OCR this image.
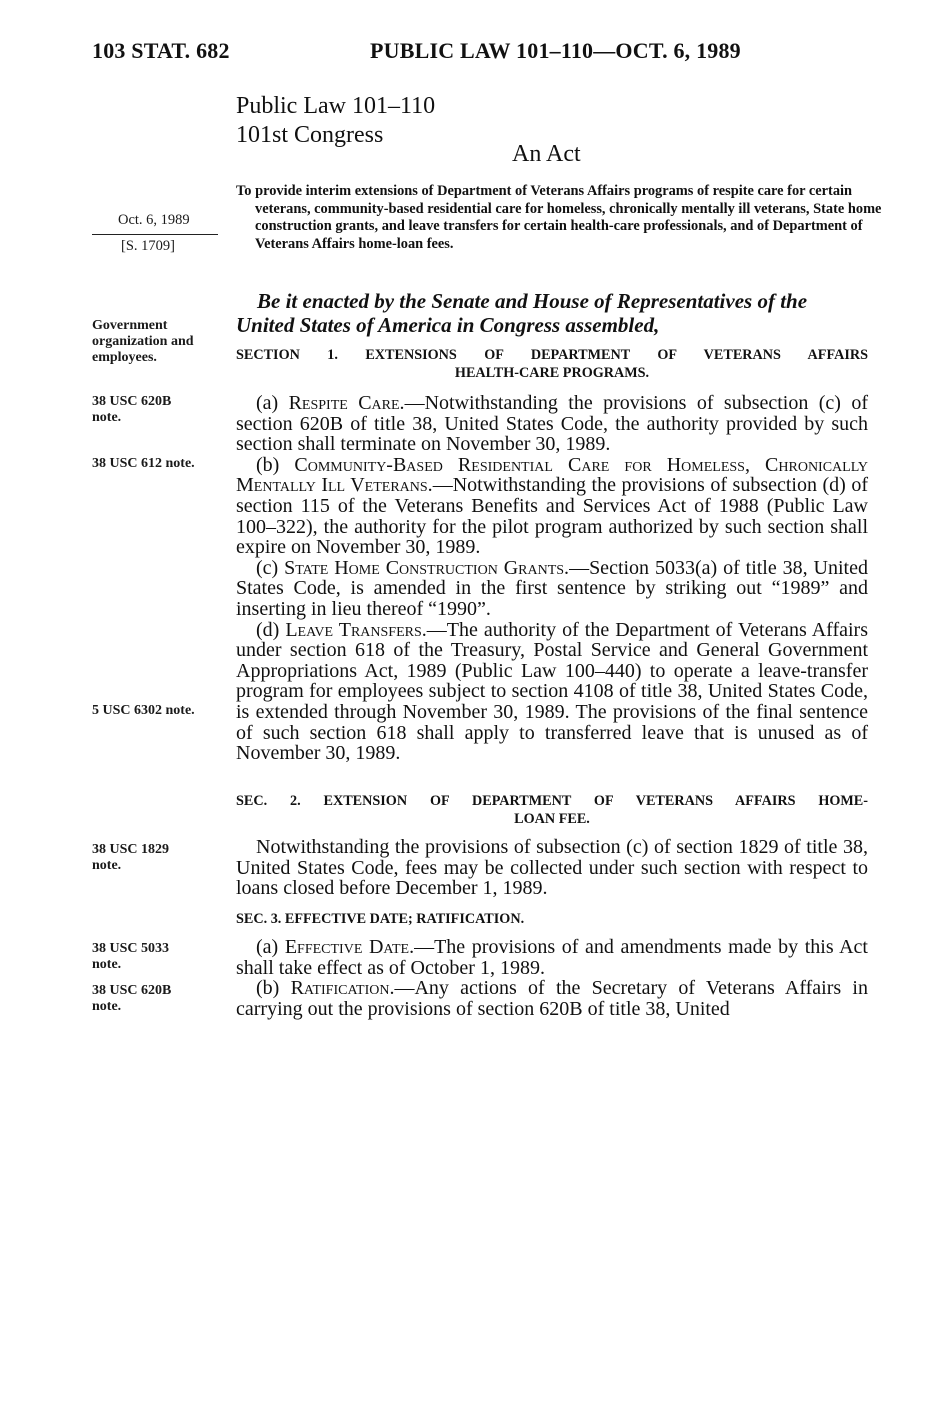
103 STAT. 682	PUBLIC LAW 101–110—OCT. 6, 1989
Public Law 101–110
101st Congress
An Act
Oct. 6, 1989
[S. 1709]
Government
organization and
employees.
38 USC 620B
note.
38 USC 612 note.
5 USC 6302 note.
38 USC 1829
note.
38 USC 5033
note.
38 USC 620B
note.
To provide interim extensions of Department of Veterans Affairs programs of respite care for certain veterans, community-based residential care for homeless, chronically mentally ill veterans, State home construction grants, and leave transfers for certain health-care professionals, and of Department of Veterans Affairs home-loan fees.
Be it enacted by the Senate and House of Representatives of the United States of America in Congress assembled,
SECTION 1. EXTENSIONS OF DEPARTMENT OF VETERANS AFFAIRS
HEALTH-CARE PROGRAMS.

(a) Respite Care.—Notwithstanding the provisions of subsection (c) of section 620B of title 38, United States Code, the authority provided by such section shall terminate on November 30, 1989.

(b) Community-Based Residential Care for Homeless, Chronically Mentally Ill Veterans.—Notwithstanding the provisions of subsection (d) of section 115 of the Veterans Benefits and Services Act of 1988 (Public Law 100–322), the authority for the pilot program authorized by such section shall expire on November 30, 1989.

(c) State Home Construction Grants.—Section 5033(a) of title 38, United States Code, is amended in the first sentence by striking out “1989” and inserting in lieu thereof “1990”.

(d) Leave Transfers.—The authority of the Department of Veterans Affairs under section 618 of the Treasury, Postal Service and General Government Appropriations Act, 1989 (Public Law 100–440) to operate a leave-transfer program for employees subject to section 4108 of title 38, United States Code, is extended through November 30, 1989. The provisions of the final sentence of such section 618 shall apply to transferred leave that is unused as of November 30, 1989.

SEC. 2. EXTENSION OF DEPARTMENT OF VETERANS AFFAIRS HOME-
LOAN FEE.

Notwithstanding the provisions of subsection (c) of section 1829 of title 38, United States Code, fees may be collected under such section with respect to loans closed before December 1, 1989.

SEC. 3. EFFECTIVE DATE; RATIFICATION.

(a) Effective Date.—The provisions of and amendments made by this Act shall take effect as of October 1, 1989.

(b) Ratification.—Any actions of the Secretary of Veterans Affairs in carrying out the provisions of section 620B of title 38, United
